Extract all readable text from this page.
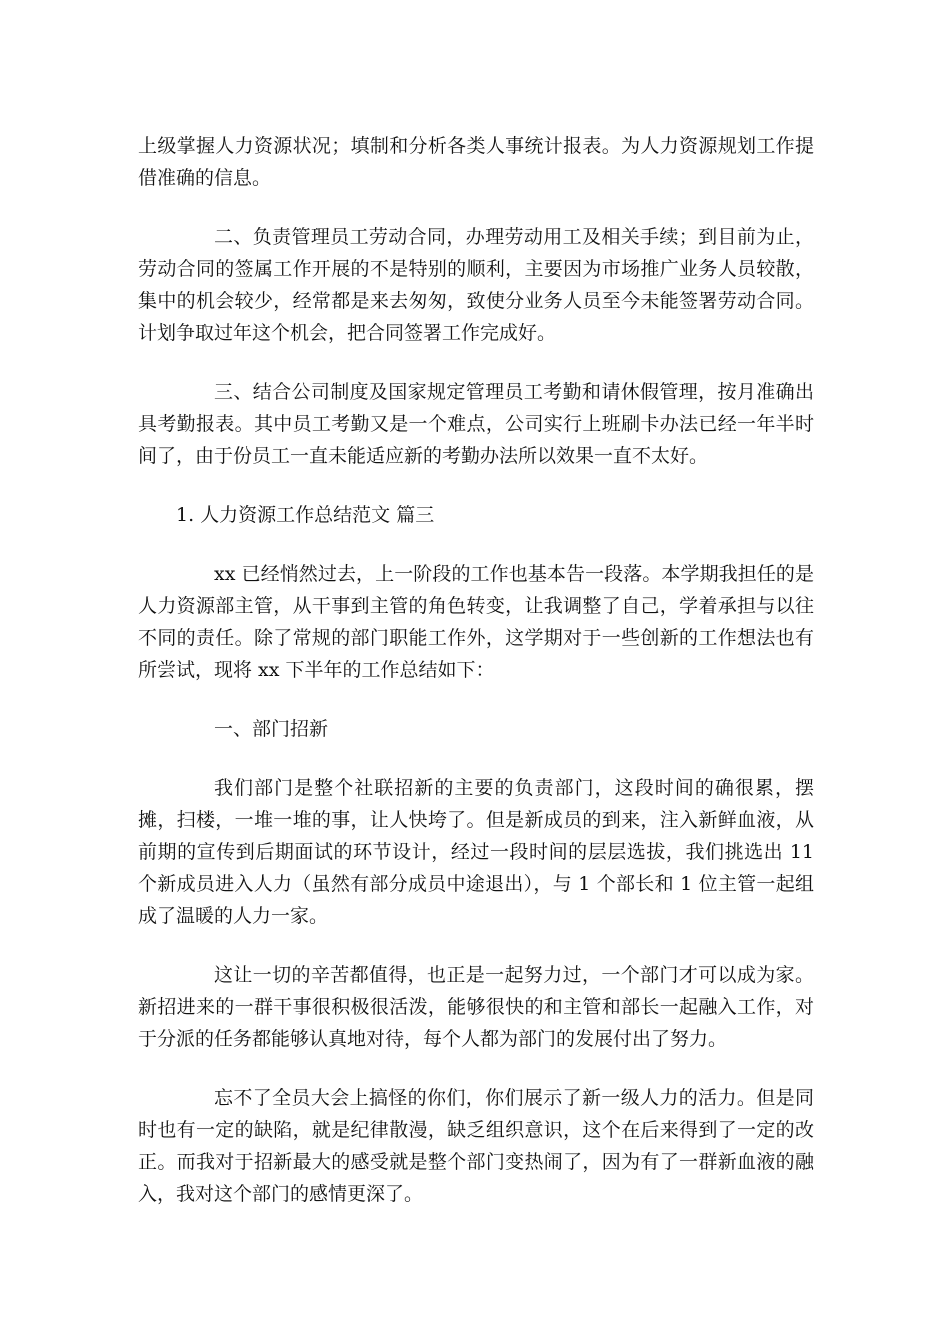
上级掌握人力资源状况；填制和分析各类人事统计报表。为人力资源规划工作提借准确的信息。

二、负责管理员工劳动合同，办理劳动用工及相关手续；到目前为止，劳动合同的签属工作开展的不是特别的顺利，主要因为市场推广业务人员较散，集中的机会较少，经常都是来去匆匆，致使分业务人员至今未能签署劳动合同。计划争取过年这个机会，把合同签署工作完成好。

三、结合公司制度及国家规定管理员工考勤和请休假管理，按月准确出具考勤报表。其中员工考勤又是一个难点，公司实行上班刷卡办法已经一年半时间了，由于份员工一直未能适应新的考勤办法所以效果一直不太好。

1. 人力资源工作总结范文 篇三

xx 已经悄然过去，上一阶段的工作也基本告一段落。本学期我担任的是人力资源部主管，从干事到主管的角色转变，让我调整了自己，学着承担与以往不同的责任。除了常规的部门职能工作外，这学期对于一些创新的工作想法也有所尝试，现将 xx 下半年的工作总结如下：

一、部门招新

我们部门是整个社联招新的主要的负责部门，这段时间的确很累，摆摊，扫楼，一堆一堆的事，让人快垮了。但是新成员的到来，注入新鲜血液，从前期的宣传到后期面试的环节设计，经过一段时间的层层选拔，我们挑选出 11 个新成员进入人力（虽然有部分成员中途退出），与 1 个部长和 1 位主管一起组成了温暖的人力一家。

这让一切的辛苦都值得，也正是一起努力过，一个部门才可以成为家。新招进来的一群干事很积极很活泼，能够很快的和主管和部长一起融入工作，对于分派的任务都能够认真地对待，每个人都为部门的发展付出了努力。

忘不了全员大会上搞怪的你们，你们展示了新一级人力的活力。但是同时也有一定的缺陷，就是纪律散漫，缺乏组织意识，这个在后来得到了一定的改正。而我对于招新最大的感受就是整个部门变热闹了，因为有了一群新血液的融入，我对这个部门的感情更深了。
